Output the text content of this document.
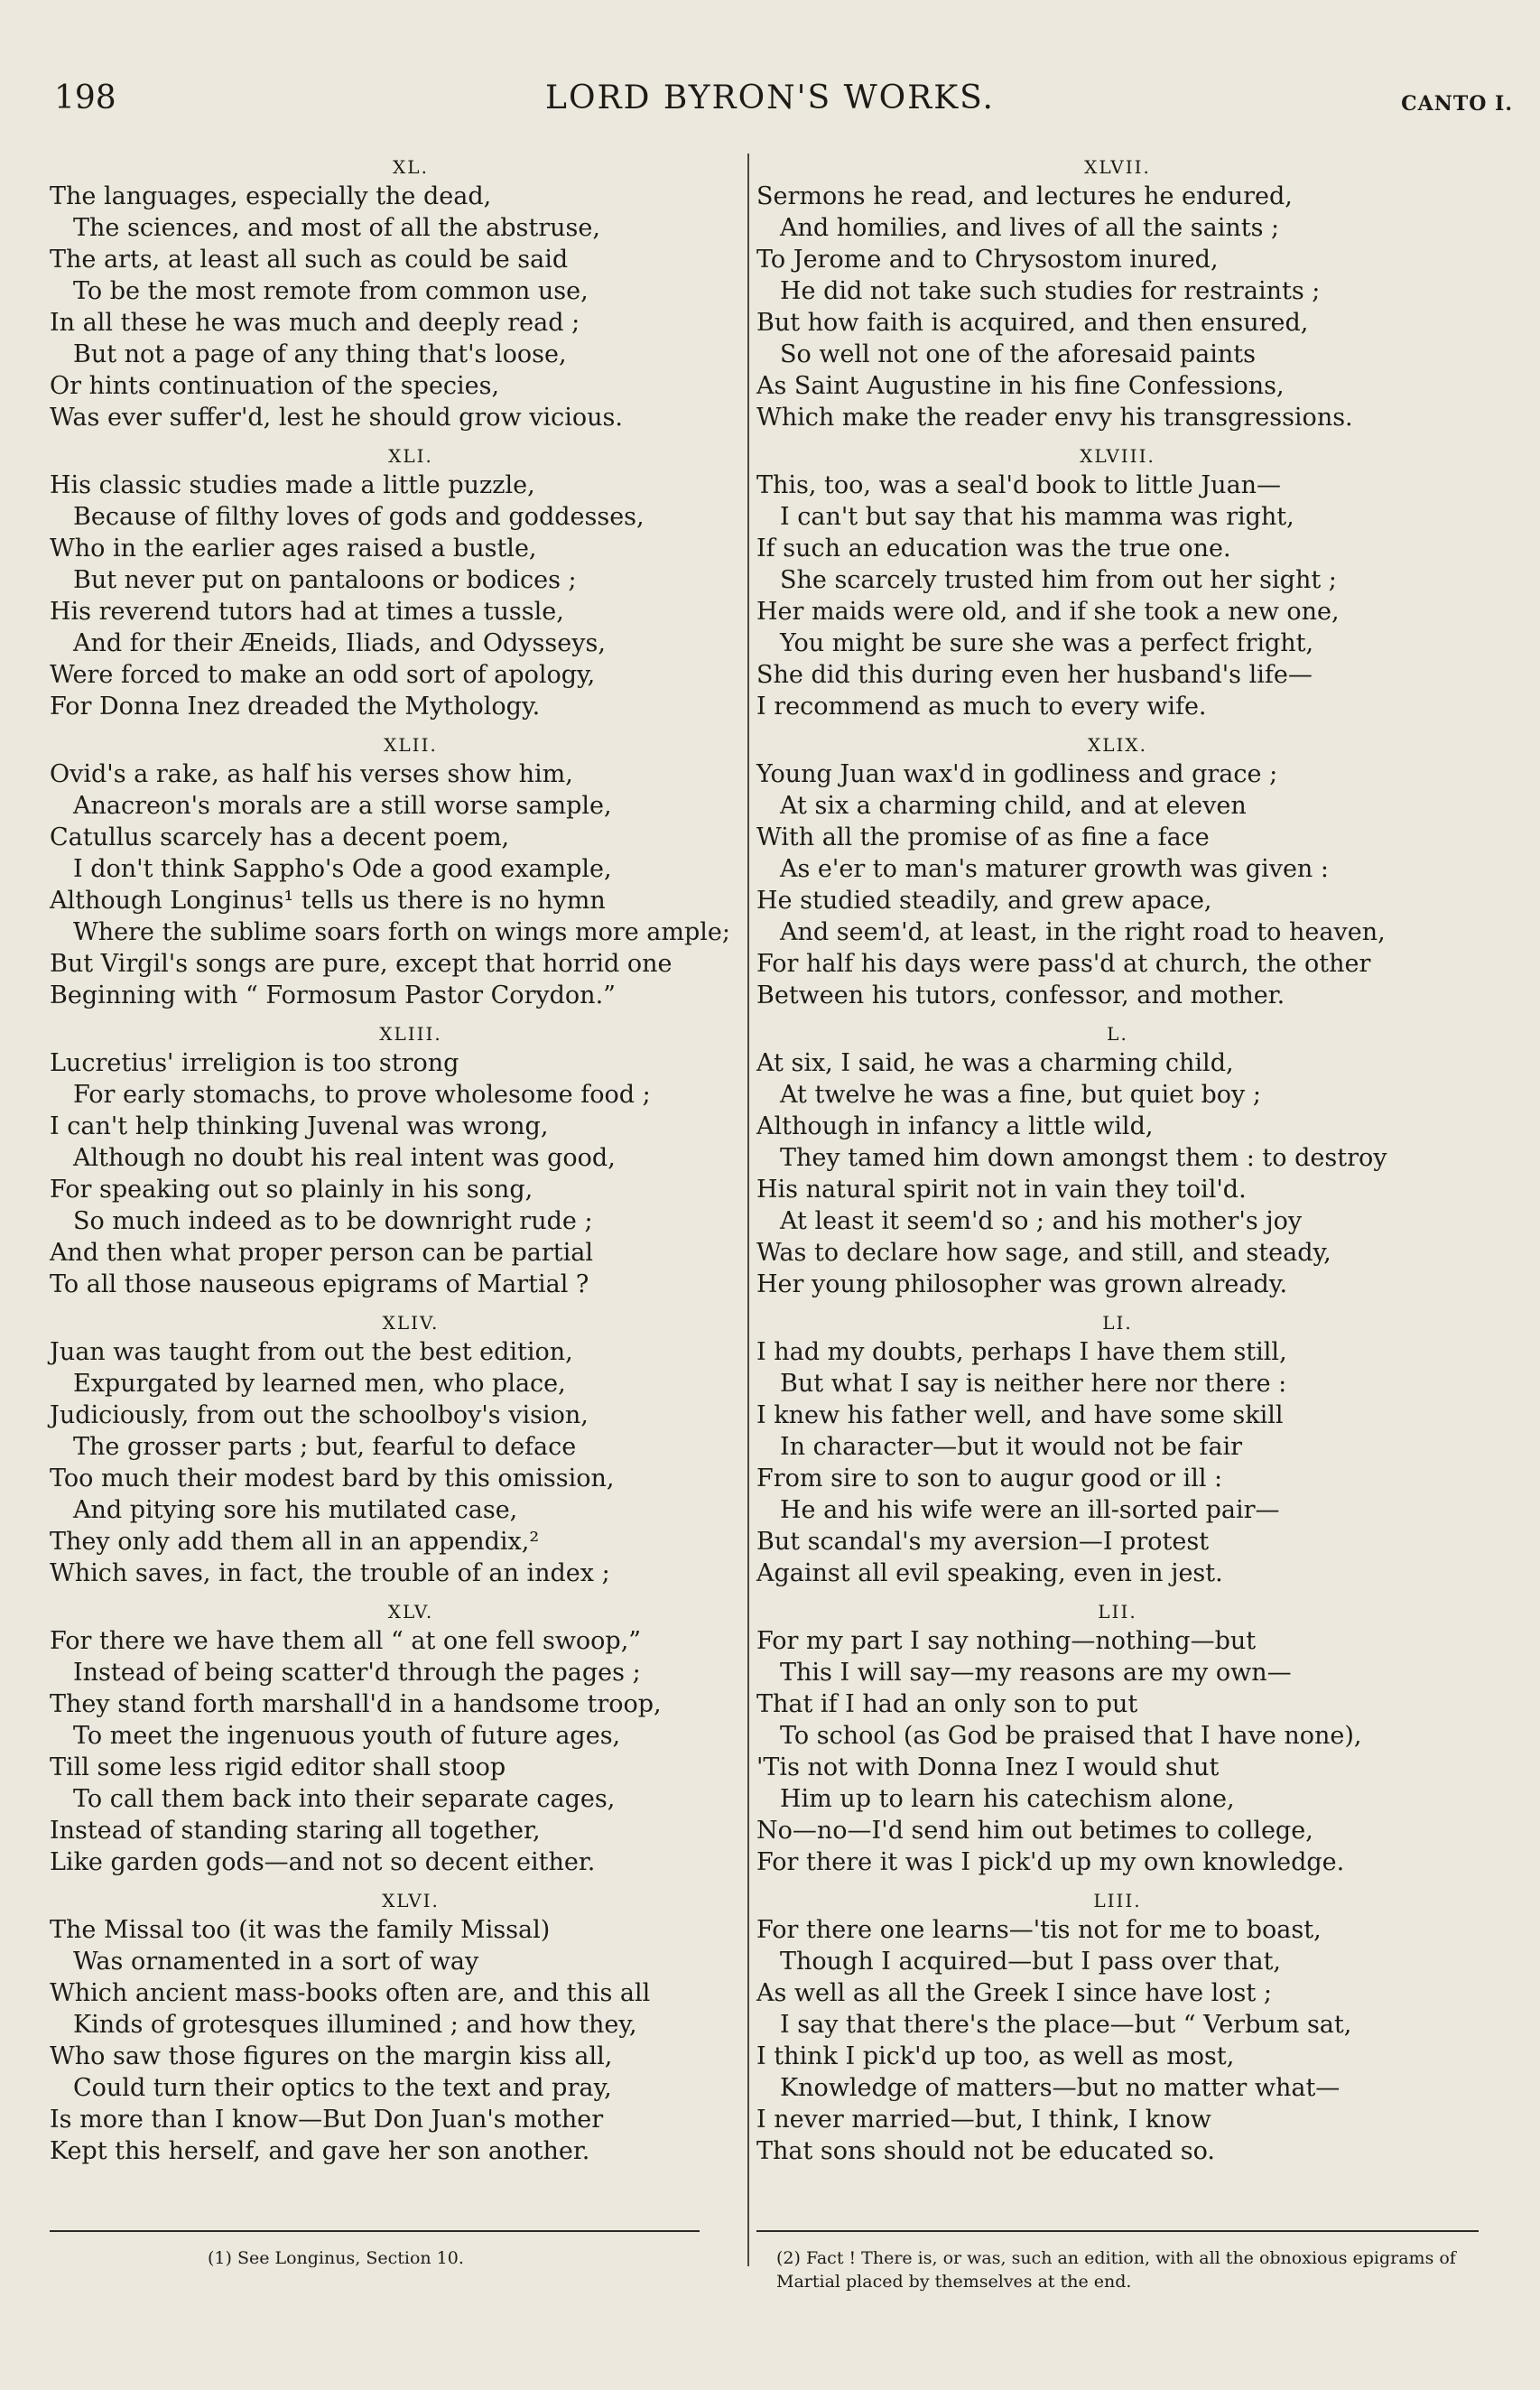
198	LORD BYRON'S WORKS.	CANTO I.
XL.
The languages, especially the dead,
The sciences, and most of all the abstruse,
The arts, at least all such as could be said
To be the most remote from common use,
In all these he was much and deeply read ;
But not a page of any thing that's loose,
Or hints continuation of the species,
Was ever suffer'd, lest he should grow vicious.
XLI.
His classic studies made a little puzzle,
Because of filthy loves of gods and goddesses,
Who in the earlier ages raised a bustle,
But never put on pantaloons or bodices ;
His reverend tutors had at times a tussle,
And for their Æneids, Iliads, and Odysseys,
Were forced to make an odd sort of apology,
For Donna Inez dreaded the Mythology.
XLII.
Ovid's a rake, as half his verses show him,
Anacreon's morals are a still worse sample,
Catullus scarcely has a decent poem,
I don't think Sappho's Ode a good example,
Although Longinus¹ tells us there is no hymn
Where the sublime soars forth on wings more ample;
But Virgil's songs are pure, except that horrid one
Beginning with “ Formosum Pastor Corydon.”
XLIII.
Lucretius' irreligion is too strong
For early stomachs, to prove wholesome food ;
I can't help thinking Juvenal was wrong,
Although no doubt his real intent was good,
For speaking out so plainly in his song,
So much indeed as to be downright rude ;
And then what proper person can be partial
To all those nauseous epigrams of Martial ?
XLIV.
Juan was taught from out the best edition,
Expurgated by learned men, who place,
Judiciously, from out the schoolboy's vision,
The grosser parts ; but, fearful to deface
Too much their modest bard by this omission,
And pitying sore his mutilated case,
They only add them all in an appendix,²
Which saves, in fact, the trouble of an index ;
XLV.
For there we have them all “ at one fell swoop,”
Instead of being scatter'd through the pages ;
They stand forth marshall'd in a handsome troop,
To meet the ingenuous youth of future ages,
Till some less rigid editor shall stoop
To call them back into their separate cages,
Instead of standing staring all together,
Like garden gods—and not so decent either.
XLVI.
The Missal too (it was the family Missal)
Was ornamented in a sort of way
Which ancient mass-books often are, and this all
Kinds of grotesques illumined ; and how they,
Who saw those figures on the margin kiss all,
Could turn their optics to the text and pray,
Is more than I know—But Don Juan's mother
Kept this herself, and gave her son another.
XLVII.
Sermons he read, and lectures he endured,
And homilies, and lives of all the saints ;
To Jerome and to Chrysostom inured,
He did not take such studies for restraints ;
But how faith is acquired, and then ensured,
So well not one of the aforesaid paints
As Saint Augustine in his fine Confessions,
Which make the reader envy his transgressions.
XLVIII.
This, too, was a seal'd book to little Juan—
I can't but say that his mamma was right,
If such an education was the true one.
She scarcely trusted him from out her sight ;
Her maids were old, and if she took a new one,
You might be sure she was a perfect fright,
She did this during even her husband's life—
I recommend as much to every wife.
XLIX.
Young Juan wax'd in godliness and grace ;
At six a charming child, and at eleven
With all the promise of as fine a face
As e'er to man's maturer growth was given :
He studied steadily, and grew apace,
And seem'd, at least, in the right road to heaven,
For half his days were pass'd at church, the other
Between his tutors, confessor, and mother.
L.
At six, I said, he was a charming child,
At twelve he was a fine, but quiet boy ;
Although in infancy a little wild,
They tamed him down amongst them : to destroy
His natural spirit not in vain they toil'd.
At least it seem'd so ; and his mother's joy
Was to declare how sage, and still, and steady,
Her young philosopher was grown already.
LI.
I had my doubts, perhaps I have them still,
But what I say is neither here nor there :
I knew his father well, and have some skill
In character—but it would not be fair
From sire to son to augur good or ill :
He and his wife were an ill-sorted pair—
But scandal's my aversion—I protest
Against all evil speaking, even in jest.
LII.
For my part I say nothing—nothing—but
This I will say—my reasons are my own—
That if I had an only son to put
To school (as God be praised that I have none),
'Tis not with Donna Inez I would shut
Him up to learn his catechism alone,
No—no—I'd send him out betimes to college,
For there it was I pick'd up my own knowledge.
LIII.
For there one learns—'tis not for me to boast,
Though I acquired—but I pass over that,
As well as all the Greek I since have lost ;
I say that there's the place—but “ Verbum sat,
I think I pick'd up too, as well as most,
Knowledge of matters—but no matter what—
I never married—but, I think, I know
That sons should not be educated so.
(1) See Longinus, Section 10.	(2) Fact ! There is, or was, such an edition, with all the obnoxious epigrams of Martial placed by themselves at the end.
